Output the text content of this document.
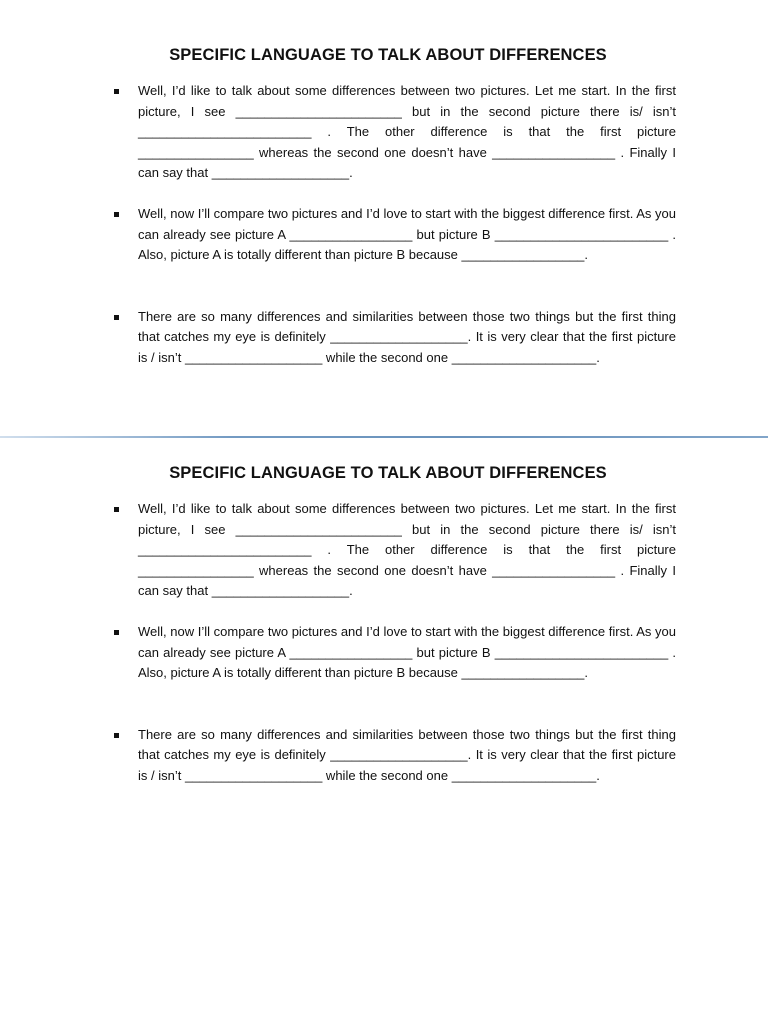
SPECIFIC LANGUAGE TO TALK ABOUT DIFFERENCES
Well, I’d like to talk about some differences between two pictures. Let me start. In the first picture, I see _______________________ but in the second picture there is/ isn’t ________________________ . The other difference is that the first picture ________________ whereas the second one doesn’t have _________________ . Finally I can say that ___________________.
Well, now I’ll compare two pictures and I’d love to start with the biggest difference first. As you can already see picture A _________________ but picture B ________________________ . Also, picture A is totally different than picture B because _________________.
There are so many differences and similarities between those two things but the first thing that catches my eye is definitely ___________________. It is very clear that the first picture is / isn’t ___________________ while the second one ____________________.
SPECIFIC LANGUAGE TO TALK ABOUT DIFFERENCES
Well, I’d like to talk about some differences between two pictures. Let me start. In the first picture, I see _______________________ but in the second picture there is/ isn’t ________________________ . The other difference is that the first picture ________________ whereas the second one doesn’t have _________________ . Finally I can say that ___________________.
Well, now I’ll compare two pictures and I’d love to start with the biggest difference first. As you can already see picture A _________________ but picture B ________________________ . Also, picture A is totally different than picture B because _________________.
There are so many differences and similarities between those two things but the first thing that catches my eye is definitely ___________________. It is very clear that the first picture is / isn’t ___________________ while the second one ____________________.
